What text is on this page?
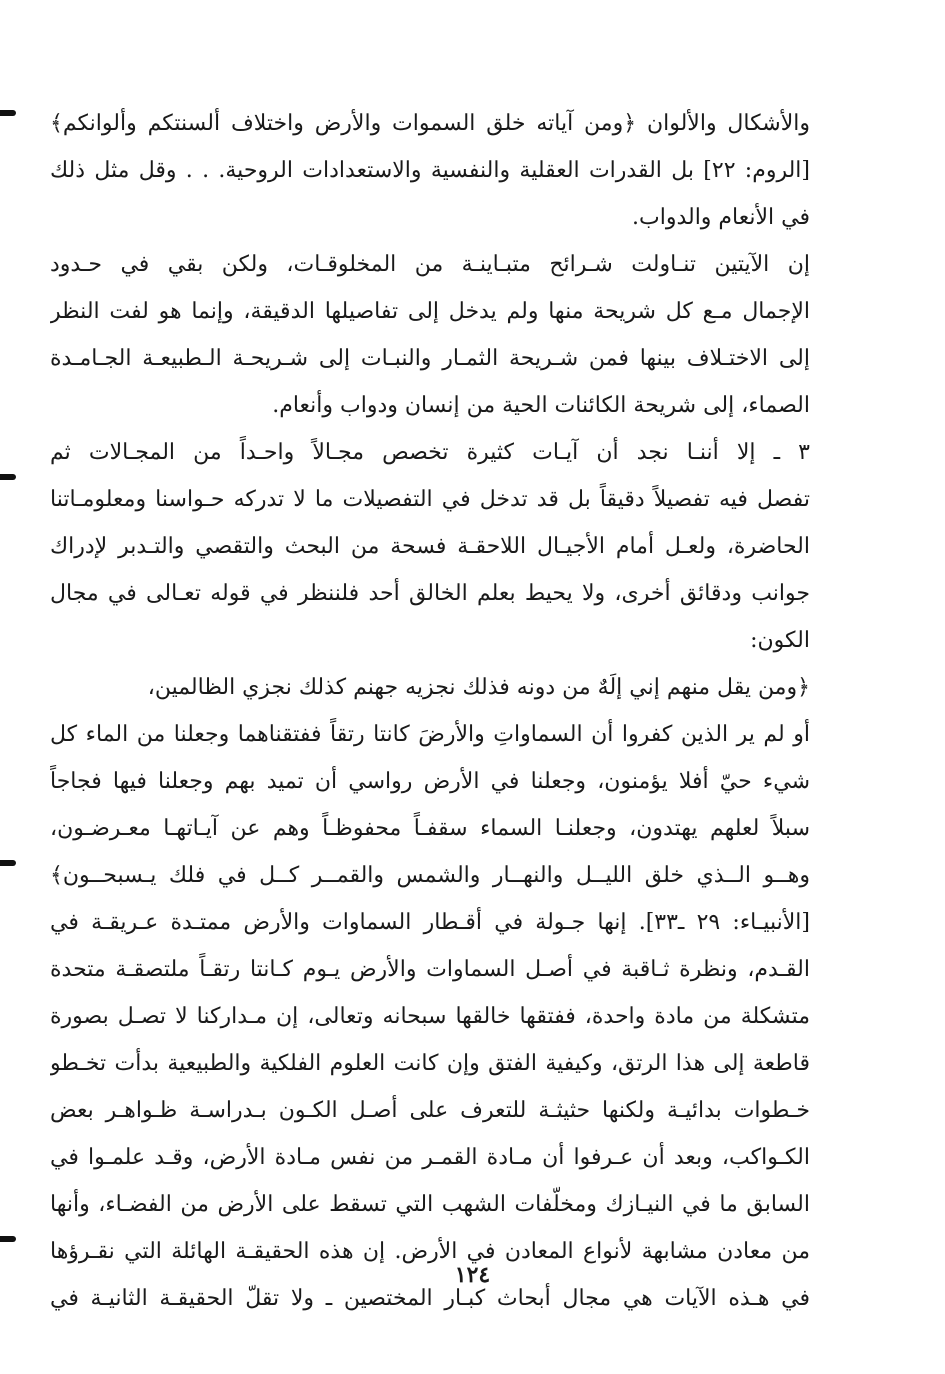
والأشكال والألوان ﴿ومن آياته خلق السموات والأرض واختلاف ألسنتكم وألوانكم﴾
[الروم: ٢٢] بل القدرات العقلية والنفسية والاستعدادات الروحية. . . وقل مثل ذلك
في الأنعام والدواب.
إن الآيتين تنـاولت شـرائح متبـاينـة من المخلوقـات، ولكن بقي في حـدود
الإجمال مـع كل شريحة منها ولم يدخل إلى تفاصيلها الدقيقة، وإنما هو لفت النظر
إلى الاختـلاف بينها فمن شـريحة الثمـار والنبـات إلى شـريحـة الـطبيعـة الجـامـدة
الصماء، إلى شريحة الكائنات الحية من إنسان ودواب وأنعام.
٣ ـ إلا أننـا نجد أن آيـات كثيرة تخصص مجـالاً واحـداً من المجـالات ثم
تفصل فيه تفصيلاً دقيقاً بل قد تدخل في التفصيلات ما لا تدركه حـواسنا ومعلومـاتنا
الحاضرة، ولعـل أمام الأجيـال اللاحقـة فسحة من البحث والتقصي والتـدبر لإدراك
جوانب ودقائق أخرى، ولا يحيط بعلم الخالق أحد فلننظر في قوله تعـالى في مجال
الكون:
﴿ومن يقل منهم إني إلَهٌ من دونه فذلك نجزيه جهنم كذلك نجزي الظالمين،
أو لم ير الذين كفروا أن السماواتِ والأرضَ كانتا رتقاً ففتقناهما وجعلنا من الماء كل
شيء حيّ أفلا يؤمنون، وجعلنا في الأرض رواسي أن تميد بهم وجعلنا فيها فجاجاً
سبلاً لعلهم يهتدون، وجعلنـا السماء سقفـاً محفوظـاً وهم عن آيـاتهـا معـرضـون،
وهــو الــذي خلق الليــل والنهــار والشمس والقمــر كــل في فلك يـسبحــون﴾
[الأنبيـاء: ٢٩ ـ٣٣]. إنها جـولة في أقـطار السماوات والأرض ممتـدة عـريقـة في
القـدم، ونظرة ثـاقبة في أصـل السماوات والأرض يـوم كـانتا رتقـاً ملتصقـة متحدة
متشكلة من مادة واحدة، ففتقها خالقها سبحانه وتعالى، إن مـداركنا لا تصـل بصورة
قاطعة إلى هذا الرتق، وكيفية الفتق وإن كانت العلوم الفلكية والطبيعية بدأت تخـطو
خـطوات بدائيـة ولكنها حثيثـة للتعرف على أصـل الكـون بـدراسـة ظـواهـر بعض
الكـواكب، وبعد أن عـرفوا أن مـادة القمـر من نفس مـادة الأرض، وقـد علمـوا في
السابق ما في النيـازك ومخلّفات الشهب التي تسقط على الأرض من الفضـاء، وأنها
من معادن مشابهة لأنواع المعادن في الأرض. إن هذه الحقيقـة الهائلة التي نقـرؤها
في هـذه الآيات هي مجال أبحاث كبـار المختصين ـ ولا تقلّ الحقيقـة الثانيـة في
١٢٤
